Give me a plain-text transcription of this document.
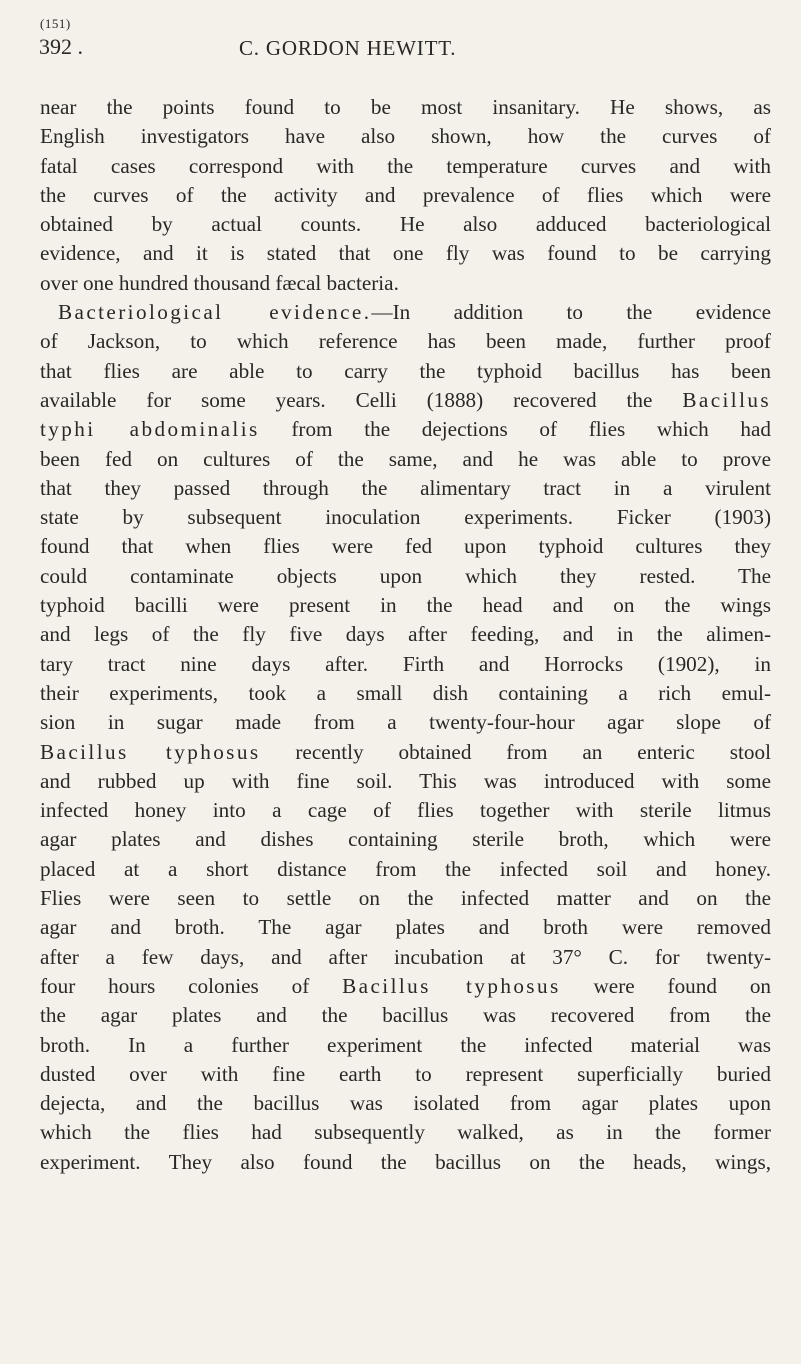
(151)
392 .	C. GORDON HEWITT.
near the points found to be most insanitary. He shows, as
English investigators have also shown, how the curves of
fatal cases correspond with the temperature curves and with
the curves of the activity and prevalence of flies which were
obtained by actual counts. He also adduced bacteriological
evidence, and it is stated that one fly was found to be carrying
over one hundred thousand fæcal bacteria.
Bacteriological evidence.—In addition to the evidence
of Jackson, to which reference has been made, further proof
that flies are able to carry the typhoid bacillus has been
available for some years. Celli (1888) recovered the Bacillus
typhi abdominalis from the dejections of flies which had
been fed on cultures of the same, and he was able to prove
that they passed through the alimentary tract in a virulent
state by subsequent inoculation experiments. Ficker (1903)
found that when flies were fed upon typhoid cultures they
could contaminate objects upon which they rested. The
typhoid bacilli were present in the head and on the wings
and legs of the fly five days after feeding, and in the alimen-
tary tract nine days after. Firth and Horrocks (1902), in
their experiments, took a small dish containing a rich emul-
sion in sugar made from a twenty-four-hour agar slope of
Bacillus typhosus recently obtained from an enteric stool
and rubbed up with fine soil. This was introduced with some
infected honey into a cage of flies together with sterile litmus
agar plates and dishes containing sterile broth, which were
placed at a short distance from the infected soil and honey.
Flies were seen to settle on the infected matter and on the
agar and broth. The agar plates and broth were removed
after a few days, and after incubation at 37° C. for twenty-
four hours colonies of Bacillus typhosus were found on
the agar plates and the bacillus was recovered from the
broth. In a further experiment the infected material was
dusted over with fine earth to represent superficially buried
dejecta, and the bacillus was isolated from agar plates upon
which the flies had subsequently walked, as in the former
experiment. They also found the bacillus on the heads, wings,
